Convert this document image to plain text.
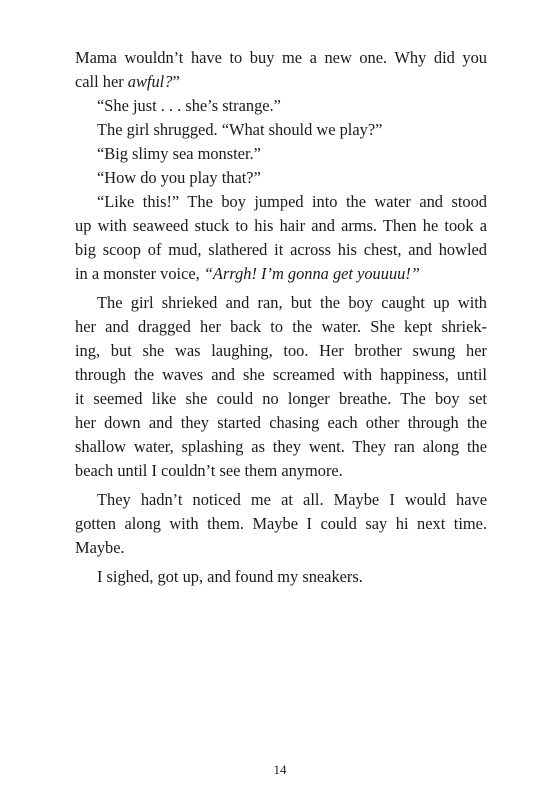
Mama wouldn’t have to buy me a new one. Why did you
call her awful?”

“She just . . . she’s strange.”

The girl shrugged. “What should we play?”

“Big slimy sea monster.”

“How do you play that?”

“Like this!” The boy jumped into the water and stood
up with seaweed stuck to his hair and arms. Then he took a
big scoop of mud, slathered it across his chest, and howled
in a monster voice, “Arrgh! I’m gonna get youuuu!”

The girl shrieked and ran, but the boy caught up with
her and dragged her back to the water. She kept shriek-
ing, but she was laughing, too. Her brother swung her
through the waves and she screamed with happiness, until
it seemed like she could no longer breathe. The boy set
her down and they started chasing each other through the
shallow water, splashing as they went. They ran along the
beach until I couldn’t see them anymore.

They hadn’t noticed me at all. Maybe I would have
gotten along with them. Maybe I could say hi next time.
Maybe.

I sighed, got up, and found my sneakers.

14
